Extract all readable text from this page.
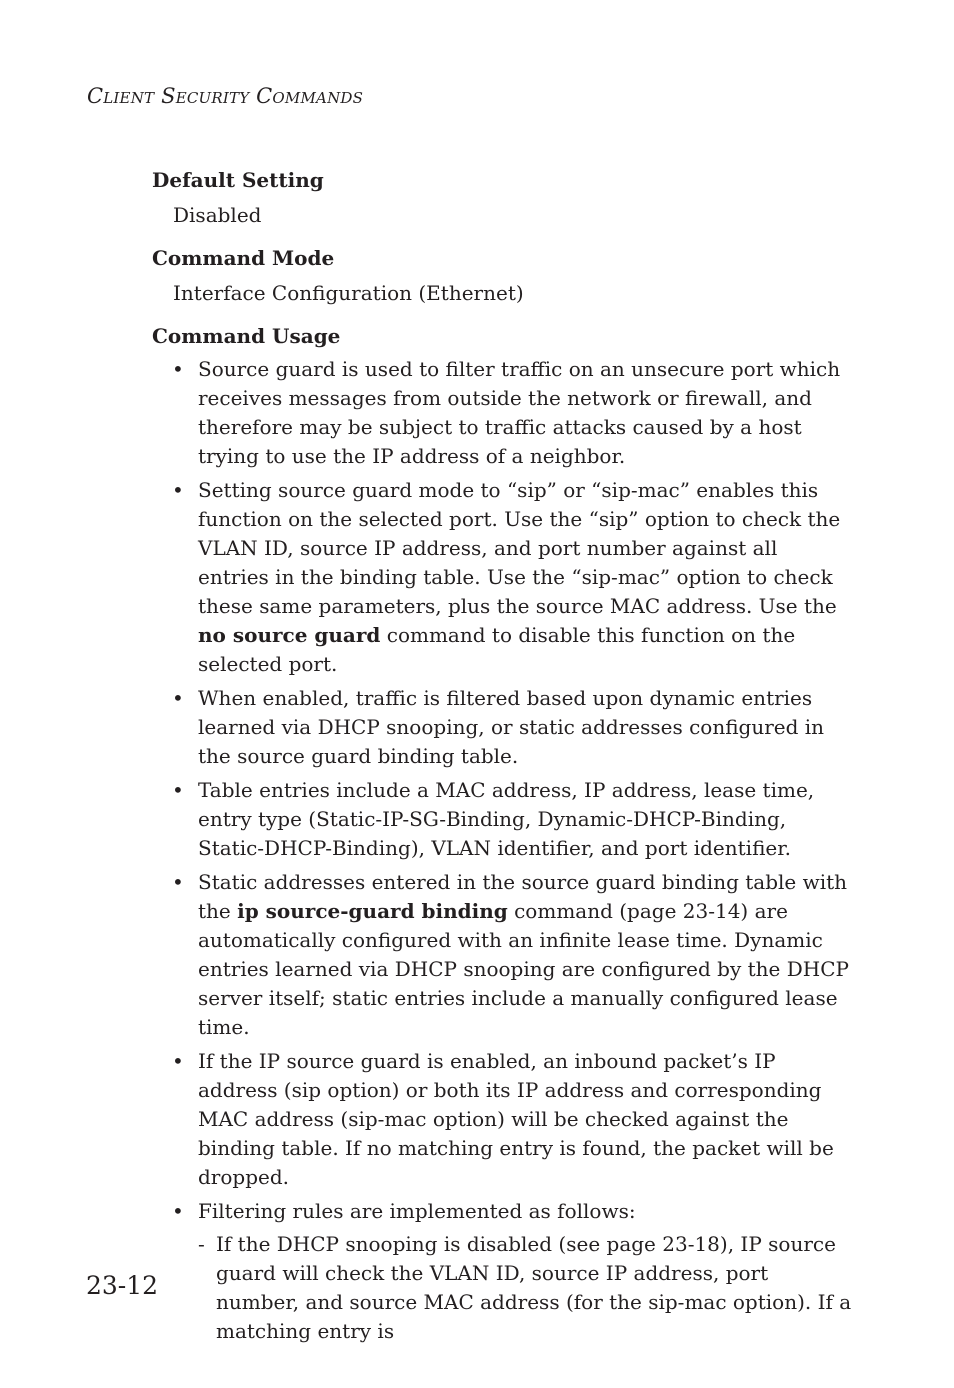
Client Security Commands
Default Setting
Disabled
Command Mode
Interface Configuration (Ethernet)
Command Usage
• Source guard is used to filter traffic on an unsecure port which receives messages from outside the network or firewall, and therefore may be subject to traffic attacks caused by a host trying to use the IP address of a neighbor.
• Setting source guard mode to “sip” or “sip-mac” enables this function on the selected port. Use the “sip” option to check the VLAN ID, source IP address, and port number against all entries in the binding table. Use the “sip-mac” option to check these same parameters, plus the source MAC address. Use the no source guard command to disable this function on the selected port.
• When enabled, traffic is filtered based upon dynamic entries learned via DHCP snooping, or static addresses configured in the source guard binding table.
• Table entries include a MAC address, IP address, lease time, entry type (Static-IP-SG-Binding, Dynamic-DHCP-Binding, Static-DHCP-Binding), VLAN identifier, and port identifier.
• Static addresses entered in the source guard binding table with the ip source-guard binding command (page 23-14) are automatically configured with an infinite lease time. Dynamic entries learned via DHCP snooping are configured by the DHCP server itself; static entries include a manually configured lease time.
• If the IP source guard is enabled, an inbound packet’s IP address (sip option) or both its IP address and corresponding MAC address (sip-mac option) will be checked against the binding table. If no matching entry is found, the packet will be dropped.
• Filtering rules are implemented as follows:
- If the DHCP snooping is disabled (see page 23-18), IP source guard will check the VLAN ID, source IP address, port number, and source MAC address (for the sip-mac option). If a matching entry is
23-12
